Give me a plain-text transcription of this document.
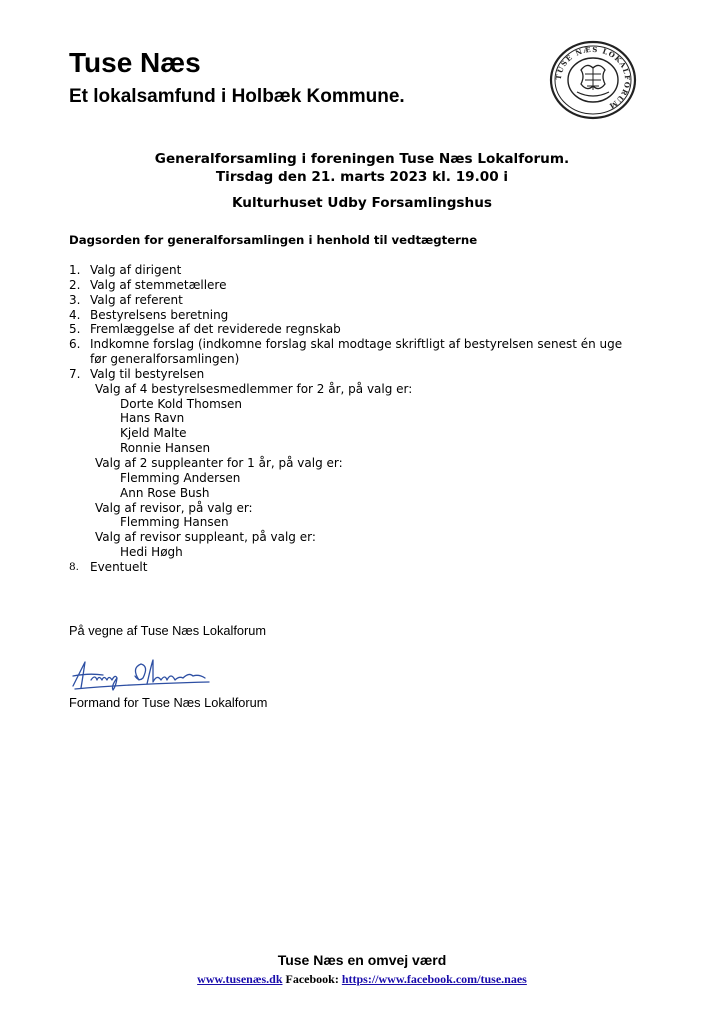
Tuse Næs
Et lokalsamfund i Holbæk Kommune.
TUSE NÆS LOKALFORUM
Generalforsamling i foreningen Tuse Næs Lokalforum.
Tirsdag den 21. marts 2023 kl. 19.00 i
Kulturhuset Udby Forsamlingshus
Dagsorden for generalforsamlingen i henhold til vedtægterne
1. Valg af dirigent
2. Valg af stemmetællere
3. Valg af referent
4. Bestyrelsens beretning
5. Fremlæggelse af det reviderede regnskab
6. Indkomne forslag (indkomne forslag skal modtage skriftligt af bestyrelsen senest én uge
før generalforsamlingen)
7. Valg til bestyrelsen
Valg af 4 bestyrelsesmedlemmer for 2 år, på valg er:
Dorte Kold Thomsen
Hans Ravn
Kjeld Malte
Ronnie Hansen
Valg af 2 suppleanter for 1 år, på valg er:
Flemming Andersen
Ann Rose Bush
Valg af revisor, på valg er:
Flemming Hansen
Valg af revisor suppleant, på valg er:
Hedi Høgh
8. Eventuelt
På vegne af Tuse Næs Lokalforum
Formand for Tuse Næs Lokalforum
Tuse Næs en omvej værd
www.tusenæs.dk Facebook: https://www.facebook.com/tuse.naes
